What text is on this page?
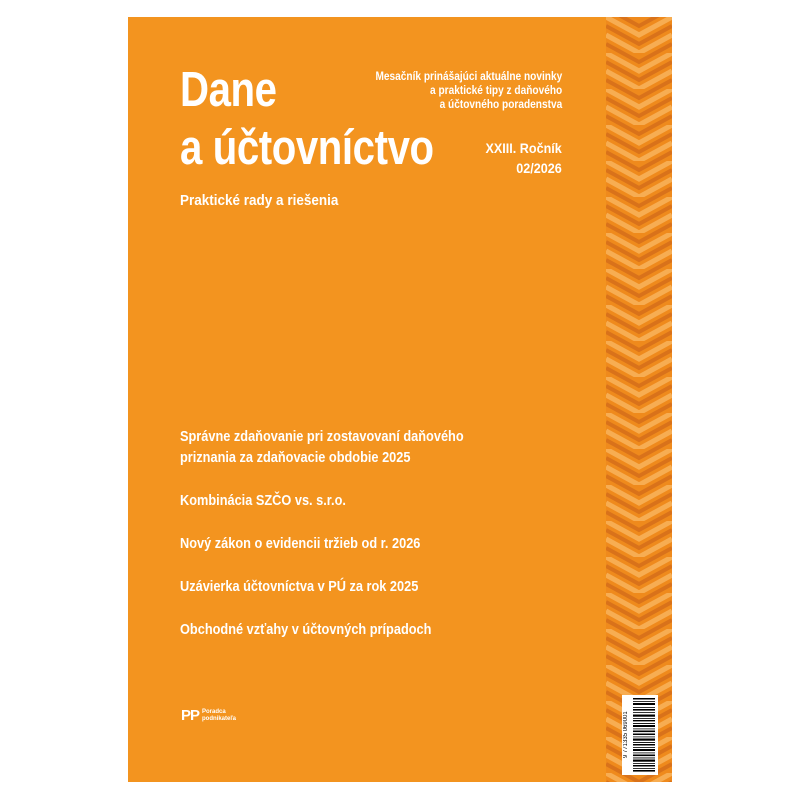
Dane
a účtovníctvo
Praktické rady a riešenia
Mesačník prinášajúci aktuálne novinky
a praktické tipy z daňového
a účtovného poradenstva
XXIII. Ročník
02/2026
Správne zdaňovanie pri zostavovaní daňového
priznania za zdaňovacie obdobie 2025
Kombinácia SZČO vs. s.r.o.
Nový zákon o evidencii tržieb od r. 2026
Uzávierka účtovníctva v PÚ za rok 2025
Obchodné vzťahy v účtovných prípadoch
PP Poradca
podnikateľa	9 771335 069001
